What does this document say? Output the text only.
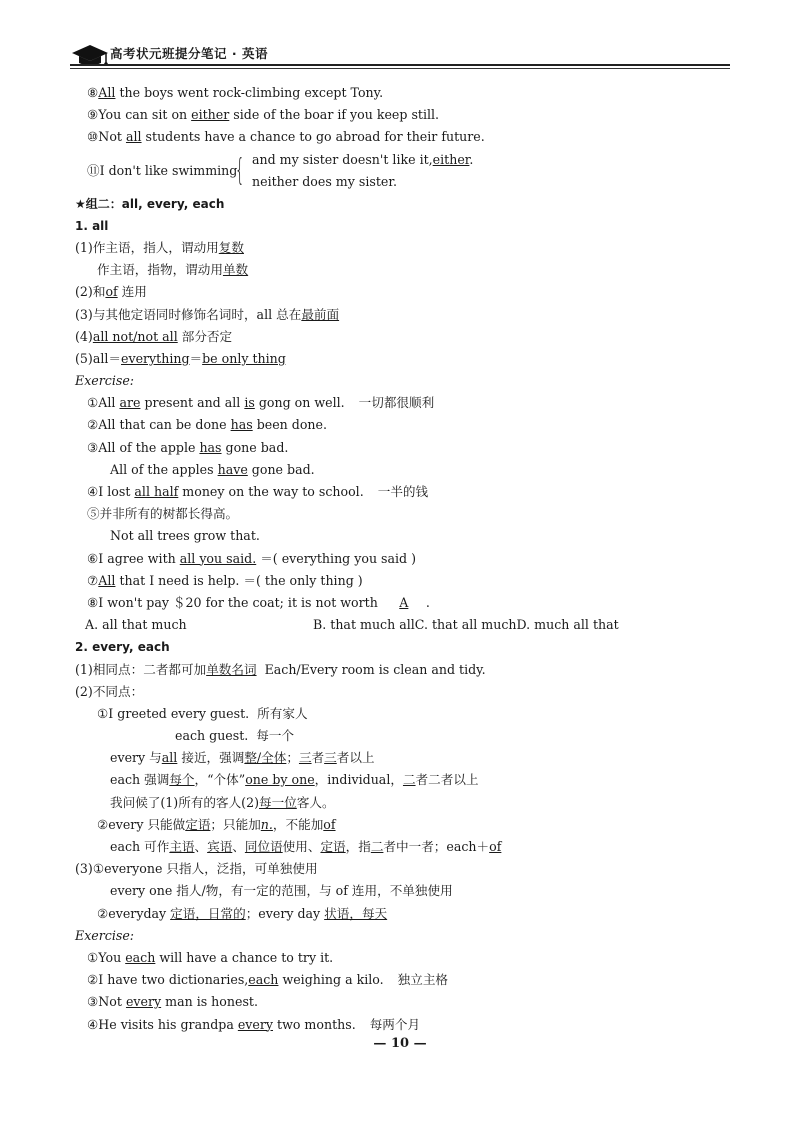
高考状元班提分笔记 · 英语
⑧All the boys went rock-climbing except Tony.
⑨You can sit on either side of the boar if you keep still.
⑩Not all students have a chance to go abroad for their future.
⑪I don't like swimming
{ and my sister doesn't like it,either.
neither does my sister.
★组二：all, every, each
1. all
(1)作主语，指人，谓动用复数
作主语，指物，谓动用单数
(2)和of 连用
(3)与其他定语同时修饰名词时，all 总在最前面
(4)all not/not all 部分否定
(5)all＝everything＝be only thing
Exercise:
①All are present and all is gong on well. 一切都很顺利
②All that can be done has been done.
③All of the apple has gone bad.
All of the apples have gone bad.
④I lost all half money on the way to school. 一半的钱
⑤并非所有的树都长得高。
Not all trees grow that.
⑥I agree with all you said. ＝( everything you said )
⑦All that I need is help. ＝( the only thing )
⑧I won't pay ＄20 for the coat; it is not worth A .
A. all that much	B. that much allC. that all muchD. much all that
2. every, each
(1)相同点：二者都可加单数名词 Each/Every room is clean and tidy.
(2)不同点：
①I greeted every guest. 所有家人
each guest. 每一个
every 与all 接近，强调整/全体；三者三者以上
each 强调每个，“个体”one by one，individual，二者二者以上
我问候了(1)所有的客人(2)每一位客人。
②every 只能做定语；只能加n.，不能加of
each 可作主语、宾语、同位语使用、定语，指二者中一者；each＋of
(3)①everyone 只指人，泛指，可单独使用
every one 指人/物，有一定的范围，与 of 连用，不单独使用
②everyday 定语，日常的；every day 状语，每天
Exercise:
①You each will have a chance to try it.
②I have two dictionaries,each weighing a kilo. 独立主格
③Not every man is honest.
④He visits his grandpa every two months. 每两个月
— 10 —
